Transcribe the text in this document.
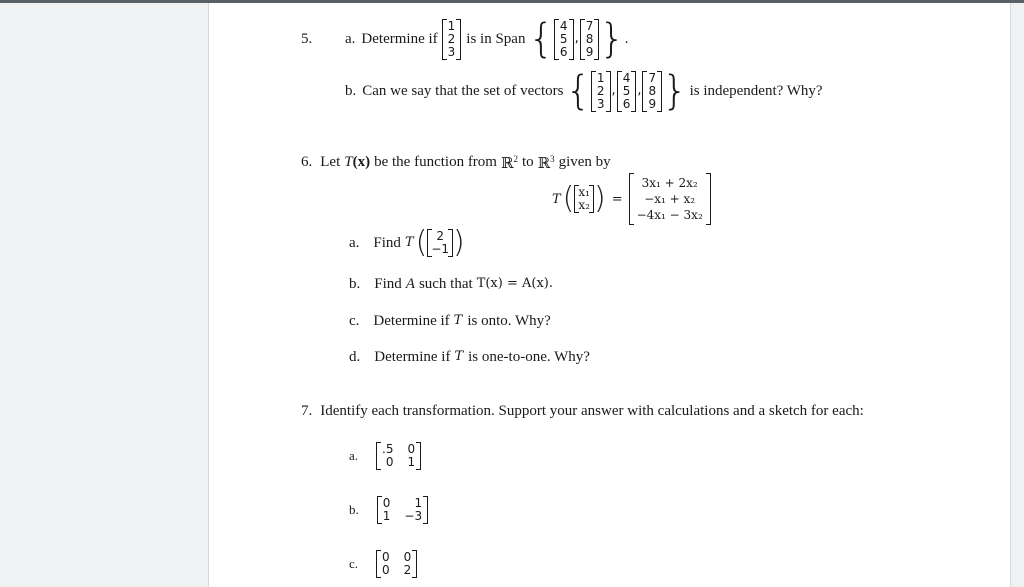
5. a. Determine if
1
2
3
is in Span { 4
5
6
,
7
8
9 } .
b. Can we say that the set of vectors { 1
2
3
,
4
5
6
,
7
8
9 } is independent? Why?
6. Let T (x) be the function from ℝ$^2$ to ℝ$^3$ given by
T ( x₁
x₂ ) =
3x₁ + 2x₂
−x₁ + x₂
−4x₁ − 3x₂
a. Find T ( 2
−1 )
b. Find A such that T(x) = A(x).
c. Determine if T is onto. Why?
d. Determine if T is one-to-one. Why?
7. Identify each transformation. Support your answer with calculations and a sketch for each:
a. .5 0
0 1
b. 0	1
1 −3
c. 0 0
0 2
